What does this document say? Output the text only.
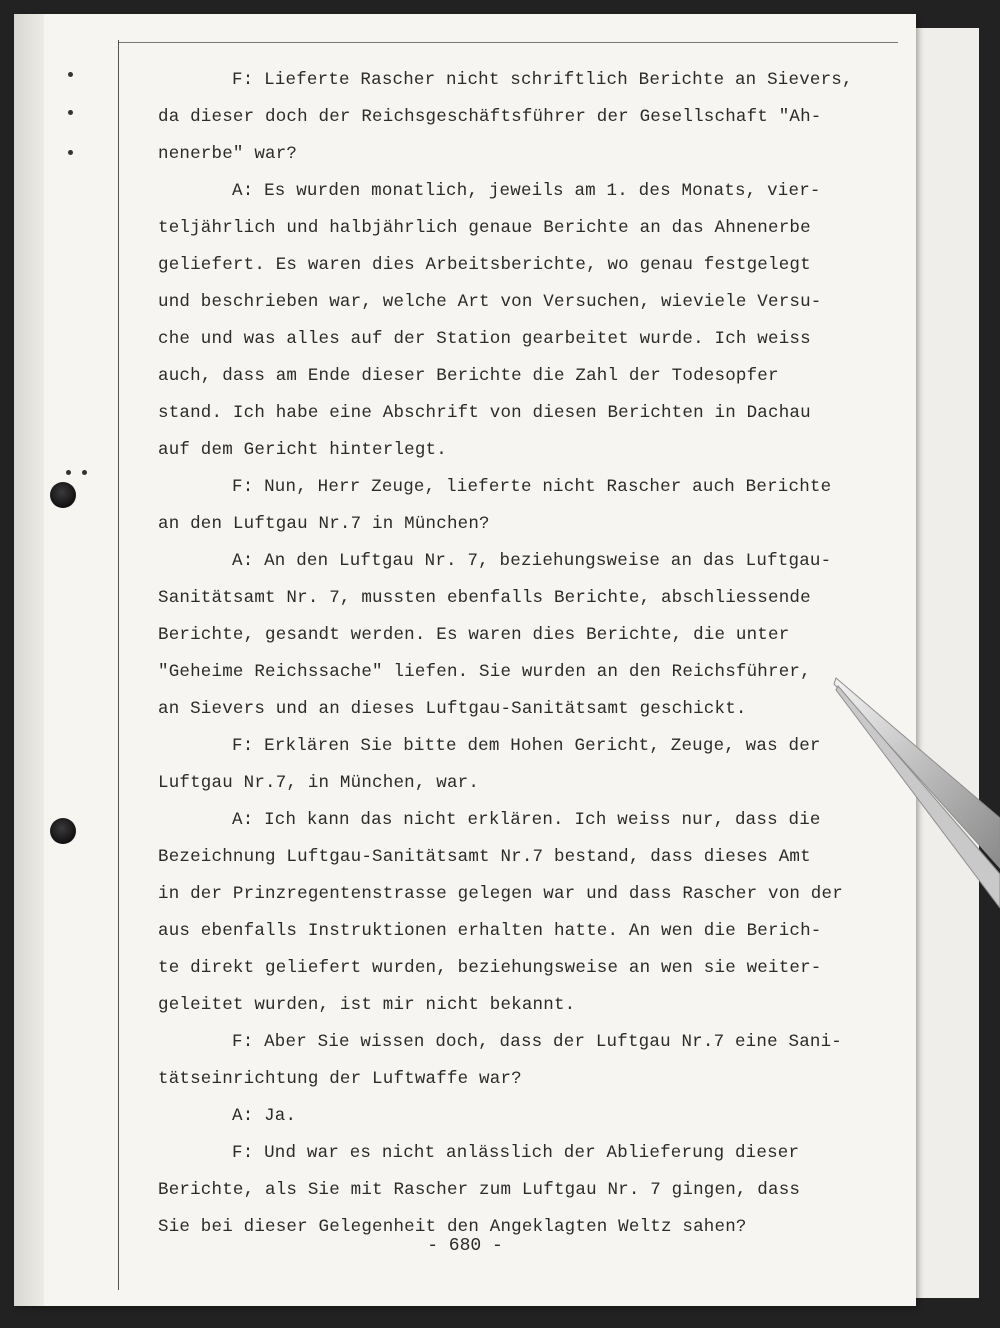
F: Lieferte Rascher nicht schriftlich Berichte an Sievers,
da dieser doch der Reichsgeschäftsführer der Gesellschaft "Ah-
nenerbe" war?
A: Es wurden monatlich, jeweils am 1. des Monats, vier-
teljährlich und halbjährlich genaue Berichte an das Ahnenerbe
geliefert. Es waren dies Arbeitsberichte, wo genau festgelegt
und beschrieben war, welche Art von Versuchen, wieviele Versu-
che und was alles auf der Station gearbeitet wurde. Ich weiss
auch, dass am Ende dieser Berichte die Zahl der Todesopfer
stand. Ich habe eine Abschrift von diesen Berichten in Dachau
auf dem Gericht hinterlegt.
F: Nun, Herr Zeuge, lieferte nicht Rascher auch Berichte
an den Luftgau Nr.7 in München?
A: An den Luftgau Nr. 7, beziehungsweise an das Luftgau-
Sanitätsamt Nr. 7, mussten ebenfalls Berichte, abschliessende
Berichte, gesandt werden. Es waren dies Berichte, die unter
"Geheime Reichssache" liefen. Sie wurden an den Reichsführer,
an Sievers und an dieses Luftgau-Sanitätsamt geschickt.
F: Erklären Sie bitte dem Hohen Gericht, Zeuge, was der
Luftgau Nr.7, in München, war.
A: Ich kann das nicht erklären. Ich weiss nur, dass die
Bezeichnung Luftgau-Sanitätsamt Nr.7 bestand, dass dieses Amt
in der Prinzregentenstrasse gelegen war und dass Rascher von der
aus ebenfalls Instruktionen erhalten hatte. An wen die Berich-
te direkt geliefert wurden, beziehungsweise an wen sie weiter-
geleitet wurden, ist mir nicht bekannt.
F: Aber Sie wissen doch, dass der Luftgau Nr.7 eine Sani-
tätseinrichtung der Luftwaffe war?
A: Ja.
F: Und war es nicht anlässlich der Ablieferung dieser
Berichte, als Sie mit Rascher zum Luftgau Nr. 7 gingen, dass
Sie bei dieser Gelegenheit den Angeklagten Weltz sahen?
- 680 -
